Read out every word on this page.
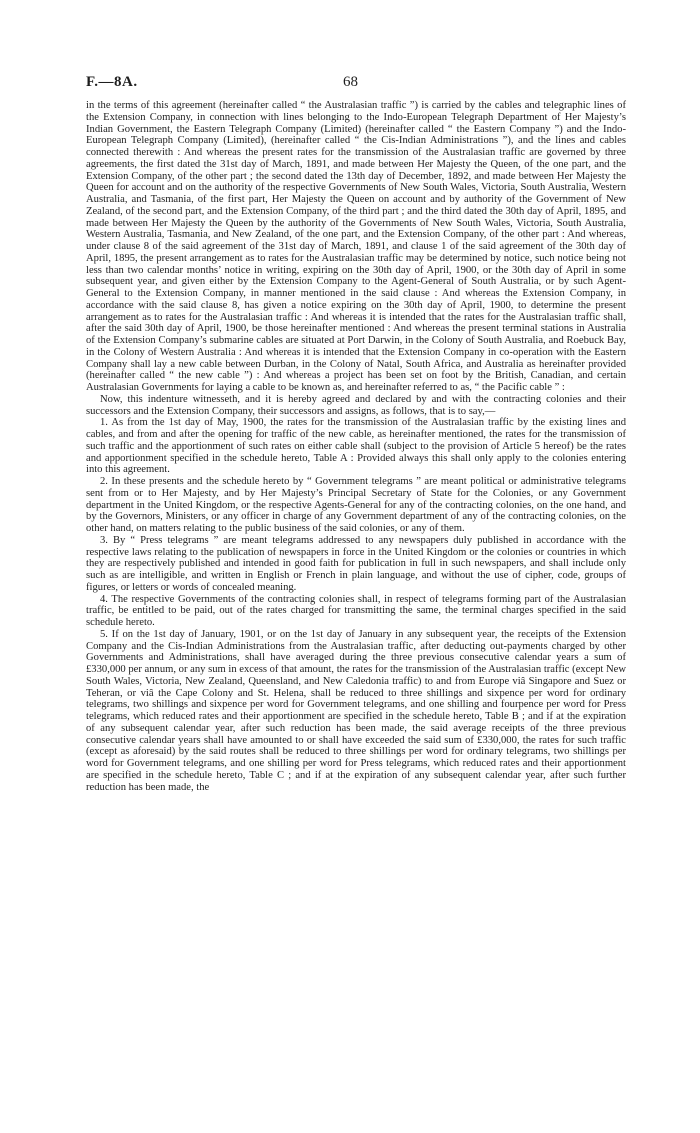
F.—8A.	68

in the terms of this agreement (hereinafter called “ the Australasian traffic ”) is carried by the cables and telegraphic lines of the Extension Company, in connection with lines belonging to the Indo-European Telegraph Department of Her Majesty’s Indian Government, the Eastern Telegraph Company (Limited) (hereinafter called “ the Eastern Company ”) and the Indo-European Telegraph Company (Limited), (hereinafter called “ the Cis-Indian Administrations ”), and the lines and cables connected therewith : And whereas the present rates for the transmission of the Australasian traffic are governed by three agreements, the first dated the 31st day of March, 1891, and made between Her Majesty the Queen, of the one part, and the Extension Company, of the other part ; the second dated the 13th day of December, 1892, and made between Her Majesty the Queen for account and on the authority of the respective Governments of New South Wales, Victoria, South Australia, Western Australia, and Tasmania, of the first part, Her Majesty the Queen on account and by authority of the Government of New Zealand, of the second part, and the Extension Company, of the third part ; and the third dated the 30th day of April, 1895, and made between Her Majesty the Queen by the authority of the Governments of New South Wales, Victoria, South Australia, Western Australia, Tasmania, and New Zealand, of the one part, and the Extension Company, of the other part : And whereas, under clause 8 of the said agreement of the 31st day of March, 1891, and clause 1 of the said agreement of the 30th day of April, 1895, the present arrangement as to rates for the Australasian traffic may be determined by notice, such notice being not less than two calendar months’ notice in writing, expiring on the 30th day of April, 1900, or the 30th day of April in some subsequent year, and given either by the Extension Company to the Agent-General of South Australia, or by such Agent-General to the Extension Company, in manner mentioned in the said clause : And whereas the Extension Company, in accordance with the said clause 8, has given a notice expiring on the 30th day of April, 1900, to determine the present arrangement as to rates for the Australasian traffic : And whereas it is intended that the rates for the Australasian traffic shall, after the said 30th day of April, 1900, be those hereinafter mentioned : And whereas the present terminal stations in Australia of the Extension Company’s submarine cables are situated at Port Darwin, in the Colony of South Australia, and Roebuck Bay, in the Colony of Western Australia : And whereas it is intended that the Extension Company in co-operation with the Eastern Company shall lay a new cable between Durban, in the Colony of Natal, South Africa, and Australia as hereinafter provided (hereinafter called “ the new cable ”) : And whereas a project has been set on foot by the British, Canadian, and certain Australasian Governments for laying a cable to be known as, and hereinafter referred to as, “ the Pacific cable ” :

Now, this indenture witnesseth, and it is hereby agreed and declared by and with the contracting colonies and their successors and the Extension Company, their successors and assigns, as follows, that is to say,—

1. As from the 1st day of May, 1900, the rates for the transmission of the Australasian traffic by the existing lines and cables, and from and after the opening for traffic of the new cable, as hereinafter mentioned, the rates for the transmission of such traffic and the apportionment of such rates on either cable shall (subject to the provision of Article 5 hereof) be the rates and apportionment specified in the schedule hereto, Table A : Provided always this shall only apply to the colonies entering into this agreement.

2. In these presents and the schedule hereto by “ Government telegrams ” are meant political or administrative telegrams sent from or to Her Majesty, and by Her Majesty’s Principal Secretary of State for the Colonies, or any Government department in the United Kingdom, or the respective Agents-General for any of the contracting colonies, on the one hand, and by the Governors, Ministers, or any officer in charge of any Government department of any of the contracting colonies, on the other hand, on matters relating to the public business of the said colonies, or any of them.

3. By “ Press telegrams ” are meant telegrams addressed to any newspapers duly published in accordance with the respective laws relating to the publication of newspapers in force in the United Kingdom or the colonies or countries in which they are respectively published and intended in good faith for publication in full in such newspapers, and shall include only such as are intelligible, and written in English or French in plain language, and without the use of cipher, code, groups of figures, or letters or words of concealed meaning.

4. The respective Governments of the contracting colonies shall, in respect of telegrams forming part of the Australasian traffic, be entitled to be paid, out of the rates charged for transmitting the same, the terminal charges specified in the said schedule hereto.

5. If on the 1st day of January, 1901, or on the 1st day of January in any subsequent year, the receipts of the Extension Company and the Cis-Indian Administrations from the Australasian traffic, after deducting out-payments charged by other Governments and Administrations, shall have averaged during the three previous consecutive calendar years a sum of £330,000 per annum, or any sum in excess of that amount, the rates for the transmission of the Australasian traffic (except New South Wales, Victoria, New Zealand, Queensland, and New Caledonia traffic) to and from Europe viâ Singapore and Suez or Teheran, or viâ the Cape Colony and St. Helena, shall be reduced to three shillings and sixpence per word for ordinary telegrams, two shillings and sixpence per word for Government telegrams, and one shilling and fourpence per word for Press telegrams, which reduced rates and their apportionment are specified in the schedule hereto, Table B ; and if at the expiration of any subsequent calendar year, after such reduction has been made, the said average receipts of the three previous consecutive calendar years shall have amounted to or shall have exceeded the said sum of £330,000, the rates for such traffic (except as aforesaid) by the said routes shall be reduced to three shillings per word for ordinary telegrams, two shillings per word for Government telegrams, and one shilling per word for Press telegrams, which reduced rates and their apportionment are specified in the schedule hereto, Table C ; and if at the expiration of any subsequent calendar year, after such further reduction has been made, the
